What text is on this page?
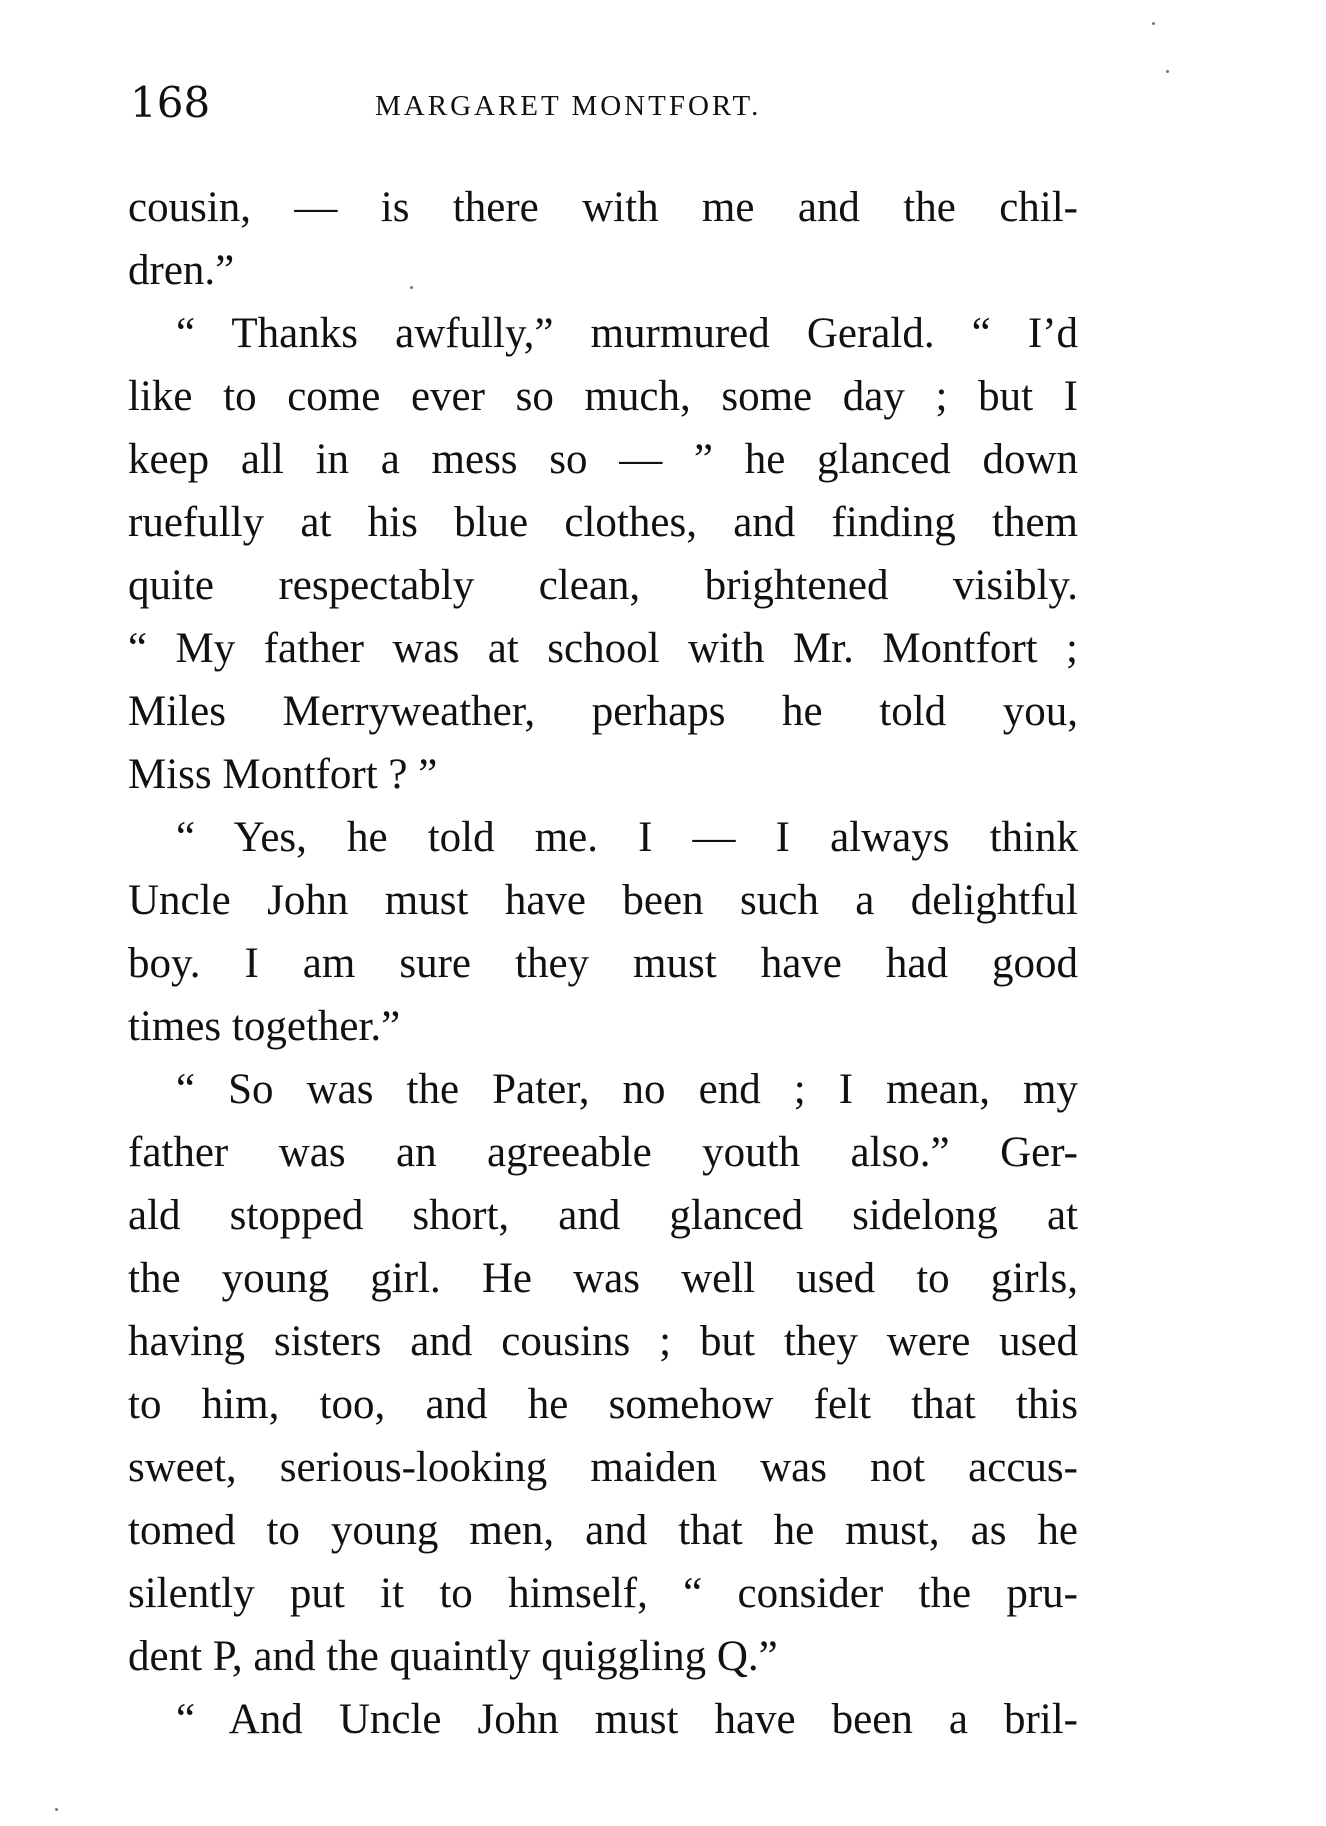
168	MARGARET MONTFORT.

cousin, — is there with me and the chil-

dren.”

“ Thanks awfully,” murmured Gerald. “ I’d

like to come ever so much, some day ; but I

keep all in a mess so — ” he glanced down

ruefully at his blue clothes, and finding them

quite respectably clean, brightened visibly.

“ My father was at school with Mr. Montfort ;

Miles Merryweather, perhaps he told you,

Miss Montfort ? ”

“ Yes, he told me. I — I always think

Uncle John must have been such a delightful

boy. I am sure they must have had good

times together.”

“ So was the Pater, no end ; I mean, my

father was an agreeable youth also.” Ger-

ald stopped short, and glanced sidelong at

the young girl. He was well used to girls,

having sisters and cousins ; but they were used

to him, too, and he somehow felt that this

sweet, serious-looking maiden was not accus-

tomed to young men, and that he must, as he

silently put it to himself, “ consider the pru-

dent P, and the quaintly quiggling Q.”

“ And Uncle John must have been a bril-
